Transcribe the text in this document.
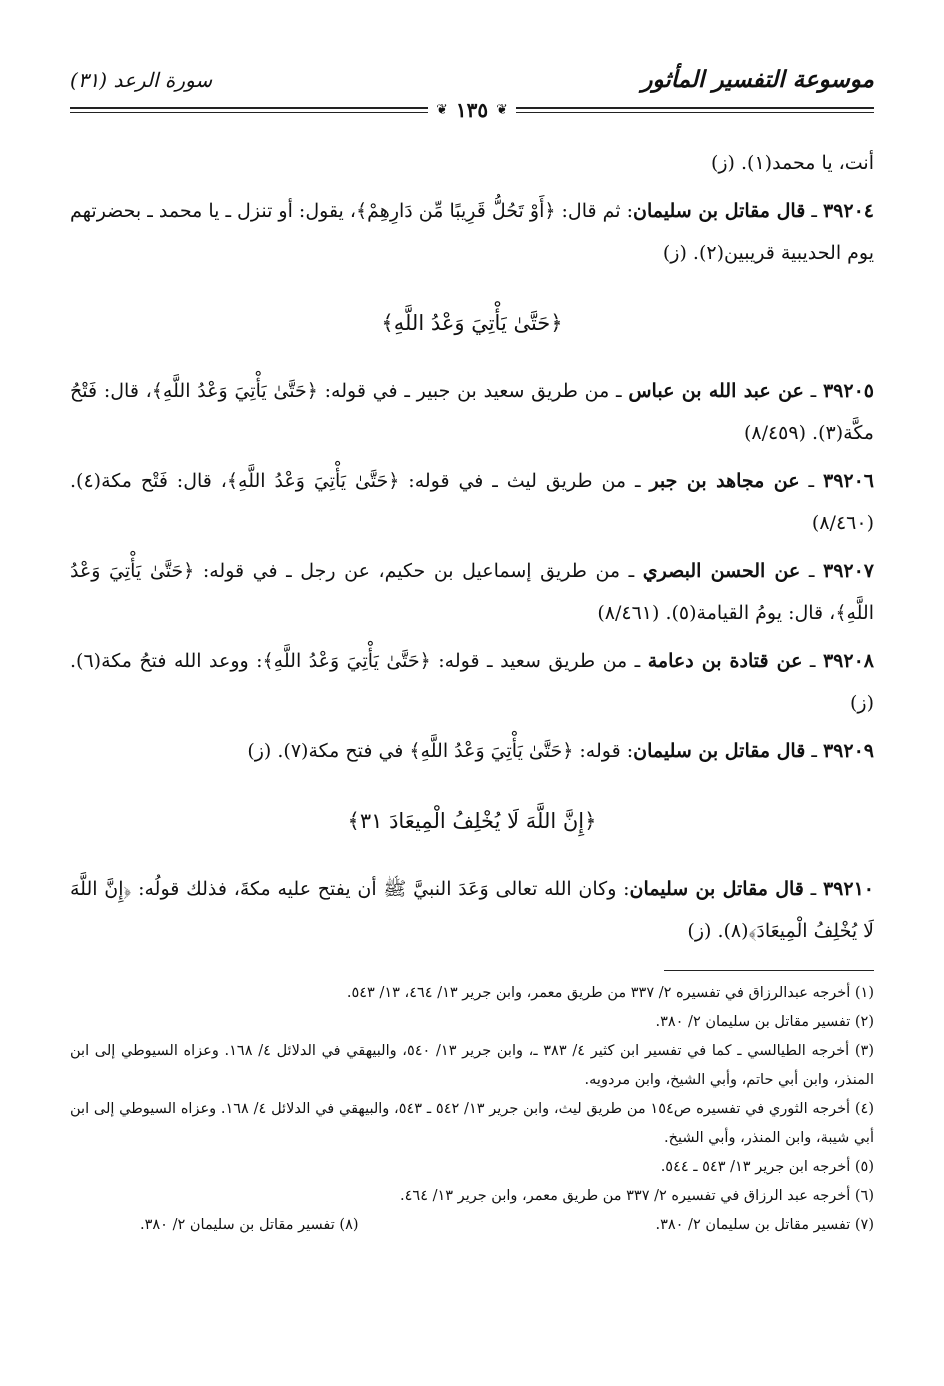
موسوعة التفسير المأثور
سورة الرعد (٣١)
❦
١٣٥
❦

أنت، يا محمد(١). (ز)

٣٩٢٠٤ ـ قال مقاتل بن سليمان: ثم قال: ﴿أَوْ تَحُلُّ قَرِيبًا مِّن دَارِهِمْ﴾، يقول: أو تنزل ـ يا محمد ـ بحضرتهم يوم الحديبية قريبين(٢). (ز)

﴿حَتَّىٰ يَأْتِيَ وَعْدُ اللَّهِ﴾

٣٩٢٠٥ ـ عن عبد الله بن عباس ـ من طريق سعيد بن جبير ـ في قوله: ﴿حَتَّىٰ يَأْتِيَ وَعْدُ اللَّهِ﴾، قال: فَتْحُ مكَّة(٣). (٨/٤٥٩)

٣٩٢٠٦ ـ عن مجاهد بن جبر ـ من طريق ليث ـ في قوله: ﴿حَتَّىٰ يَأْتِيَ وَعْدُ اللَّهِ﴾، قال: فَتْح مكة(٤). (٨/٤٦٠)

٣٩٢٠٧ ـ عن الحسن البصري ـ من طريق إسماعيل بن حكيم، عن رجل ـ في قوله: ﴿حَتَّىٰ يَأْتِيَ وَعْدُ اللَّهِ﴾، قال: يومُ القيامة(٥). (٨/٤٦١)

٣٩٢٠٨ ـ عن قتادة بن دعامة ـ من طريق سعيد ـ قوله: ﴿حَتَّىٰ يَأْتِيَ وَعْدُ اللَّهِ﴾: ووعد الله فتحُ مكة(٦). (ز)

٣٩٢٠٩ ـ قال مقاتل بن سليمان: قوله: ﴿حَتَّىٰ يَأْتِيَ وَعْدُ اللَّهِ﴾ في فتح مكة(٧). (ز)

﴿إِنَّ اللَّهَ لَا يُخْلِفُ الْمِيعَادَ ٣١﴾

٣٩٢١٠ ـ قال مقاتل بن سليمان: وكان الله تعالى وَعَدَ النبيَّ ﷺ أن يفتح عليه مكةَ، فذلك قولُه: ﴿إِنَّ اللَّهَ لَا يُخْلِفُ الْمِيعَادَ﴾(٨). (ز)

(١) أخرجه عبدالرزاق في تفسيره ٢/ ٣٣٧ من طريق معمر، وابن جرير ١٣/ ٤٦٤، ١٣/ ٥٤٣.

(٢) تفسير مقاتل بن سليمان ٢/ ٣٨٠.

(٣) أخرجه الطيالسي ـ كما في تفسير ابن كثير ٤/ ٣٨٣ ـ، وابن جرير ١٣/ ٥٤٠، والبيهقي في الدلائل ٤/ ١٦٨. وعزاه السيوطي إلى ابن المنذر، وابن أبي حاتم، وأبي الشيخ، وابن مردويه.

(٤) أخرجه الثوري في تفسيره ص١٥٤ من طريق ليث، وابن جرير ١٣/ ٥٤٢ ـ ٥٤٣، والبيهقي في الدلائل ٤/ ١٦٨. وعزاه السيوطي إلى ابن أبي شيبة، وابن المنذر، وأبي الشيخ.

(٥) أخرجه ابن جرير ١٣/ ٥٤٣ ـ ٥٤٤.

(٦) أخرجه عبد الرزاق في تفسيره ٢/ ٣٣٧ من طريق معمر، وابن جرير ١٣/ ٤٦٤.

(٧) تفسير مقاتل بن سليمان ٢/ ٣٨٠.
(٨) تفسير مقاتل بن سليمان ٢/ ٣٨٠.
